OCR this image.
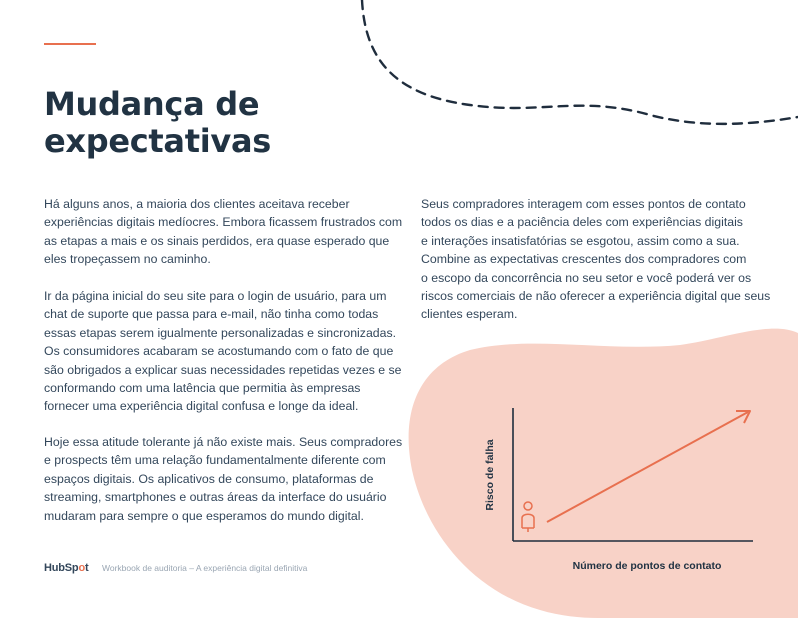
Risco de falha
Número de pontos de contato
Mudança de
expectativas
Há alguns anos, a maioria dos clientes aceitava receber
experiências digitais medíocres. Embora ficassem frustrados com
as etapas a mais e os sinais perdidos, era quase esperado que
eles tropeçassem no caminho.
Ir da página inicial do seu site para o login de usuário, para um
chat de suporte que passa para e-mail, não tinha como todas
essas etapas serem igualmente personalizadas e sincronizadas.
Os consumidores acabaram se acostumando com o fato de que
são obrigados a explicar suas necessidades repetidas vezes e se
conformando com uma latência que permitia às empresas
fornecer uma experiência digital confusa e longe da ideal.
Hoje essa atitude tolerante já não existe mais. Seus compradores
e prospects têm uma relação fundamentalmente diferente com
espaços digitais. Os aplicativos de consumo, plataformas de
streaming, smartphones e outras áreas da interface do usuário
mudaram para sempre o que esperamos do mundo digital.
Seus compradores interagem com esses pontos de contato
todos os dias e a paciência deles com experiências digitais
e interações insatisfatórias se esgotou, assim como a sua.
Combine as expectativas crescentes dos compradores com
o escopo da concorrência no seu setor e você poderá ver os
riscos comerciais de não oferecer a experiência digital que seus
clientes esperam.
HubSpot Workbook de auditoria – A experiência digital definitiva
